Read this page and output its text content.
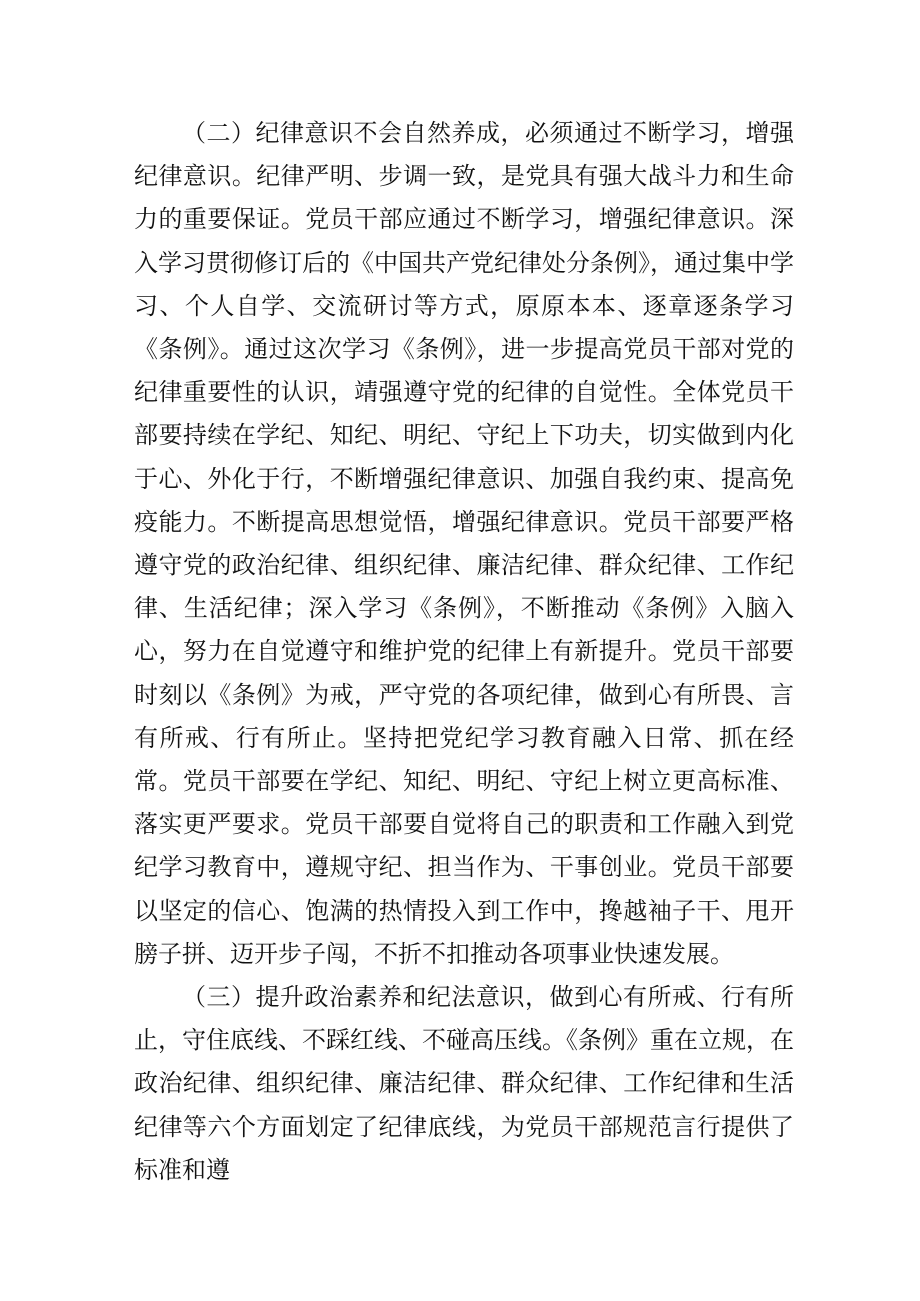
（二）纪律意识不会自然养成，必须通过不断学习，增强纪律意识。纪律严明、步调一致，是党具有强大战斗力和生命力的重要保证。党员干部应通过不断学习，增强纪律意识。深入学习贯彻修订后的《中国共产党纪律处分条例》，通过集中学习、个人自学、交流研讨等方式，原原本本、逐章逐条学习《条例》。通过这次学习《条例》，进一步提高党员干部对党的纪律重要性的认识，靖强遵守党的纪律的自觉性。全体党员干部要持续在学纪、知纪、明纪、守纪上下功夫，切实做到内化于心、外化于行，不断增强纪律意识、加强自我约束、提高免疫能力。不断提高思想觉悟，增强纪律意识。党员干部要严格遵守党的政治纪律、组织纪律、廉洁纪律、群众纪律、工作纪律、生活纪律；深入学习《条例》，不断推动《条例》入脑入心，努力在自觉遵守和维护党的纪律上有新提升。党员干部要时刻以《条例》为戒，严守党的各项纪律，做到心有所畏、言有所戒、行有所止。坚持把党纪学习教育融入日常、抓在经常。党员干部要在学纪、知纪、明纪、守纪上树立更高标准、落实更严要求。党员干部要自觉将自己的职责和工作融入到党纪学习教育中，遵规守纪、担当作为、干事创业。党员干部要以坚定的信心、饱满的热情投入到工作中，搀越袖子干、甩开膀子拼、迈开步子闯，不折不扣推动各项事业快速发展。

（三）提升政治素养和纪法意识，做到心有所戒、行有所止，守住底线、不踩红线、不碰高压线。《条例》重在立规，在政治纪律、组织纪律、廉洁纪律、群众纪律、工作纪律和生活纪律等六个方面划定了纪律底线，为党员干部规范言行提供了标准和遵
